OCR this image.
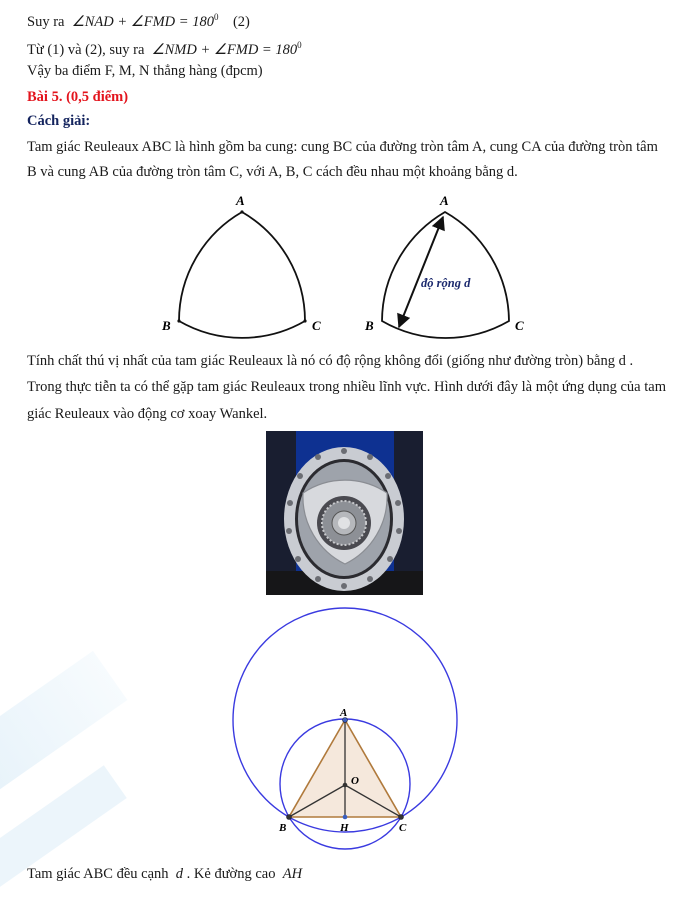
Suy ra ∠NAD + ∠FMD = $180^0$ (2)
Từ (1) và (2), suy ra ∠NMD + ∠FMD = $180^0$
Vậy ba điểm F, M, N thẳng hàng (đpcm)
Bài 5. (0,5 điểm)
Cách giải:
Tam giác Reuleaux ABC là hình gồm ba cung: cung BC của đường tròn tâm A, cung CA của đường tròn tâm
B và cung AB của đường tròn tâm C, với A, B, C cách đều nhau một khoảng bằng d.
A
B	C
A
B	C
độ rộng d
A
B	C
O
H
Tính chất thú vị nhất của tam giác Reuleaux là nó có độ rộng không đổi (giống như đường tròn) bằng d .
Trong thực tiễn ta có thể gặp tam giác Reuleaux trong nhiều lĩnh vực. Hình dưới đây là một ứng dụng của tam
giác Reuleaux vào động cơ xoay Wankel.
Tam giác ABC đều cạnh d . Kẻ đường cao AH
